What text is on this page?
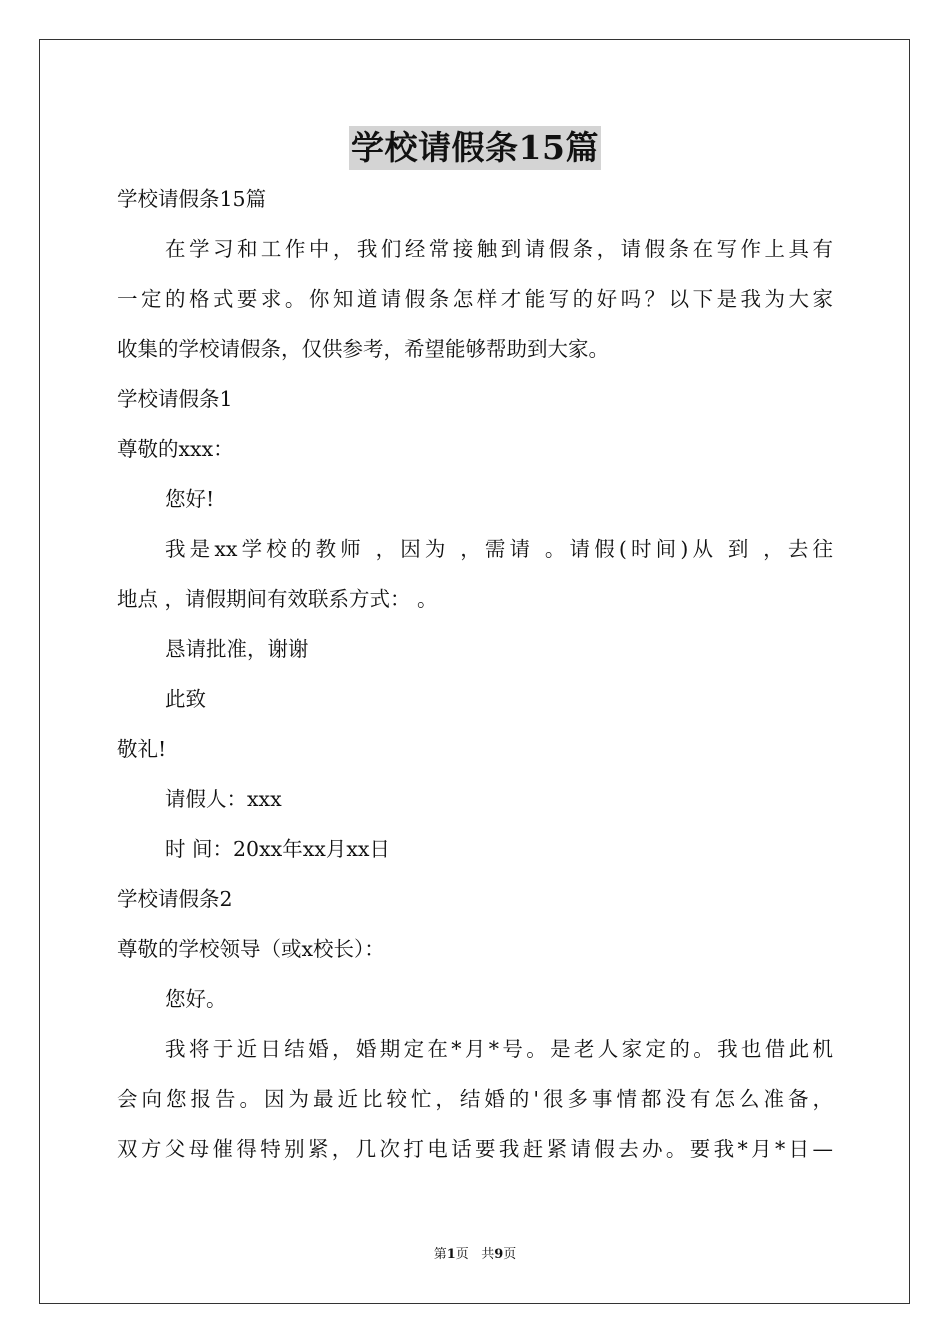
学校请假条15篇
学校请假条15篇
在学习和工作中，我们经常接触到请假条，请假条在写作上具有
一定的格式要求。你知道请假条怎样才能写的好吗？以下是我为大家
收集的学校请假条，仅供参考，希望能够帮助到大家。
学校请假条1
尊敬的xxx：
您好!
我是xx学校的教师 ，因为 ，需请 。请假(时间)从 到 ，去往
地点 ，请假期间有效联系方式： 。
恳请批准，谢谢
此致
敬礼!
请假人：xxx
时 间：20xx年xx月xx日
学校请假条2
尊敬的学校领导（或x校长）：
您好。
我将于近日结婚，婚期定在*月*号。是老人家定的。我也借此机
会向您报告。因为最近比较忙，结婚的'很多事情都没有怎么准备，
双方父母催得特别紧，几次打电话要我赶紧请假去办。要我*月*日—
第1页 共9页
